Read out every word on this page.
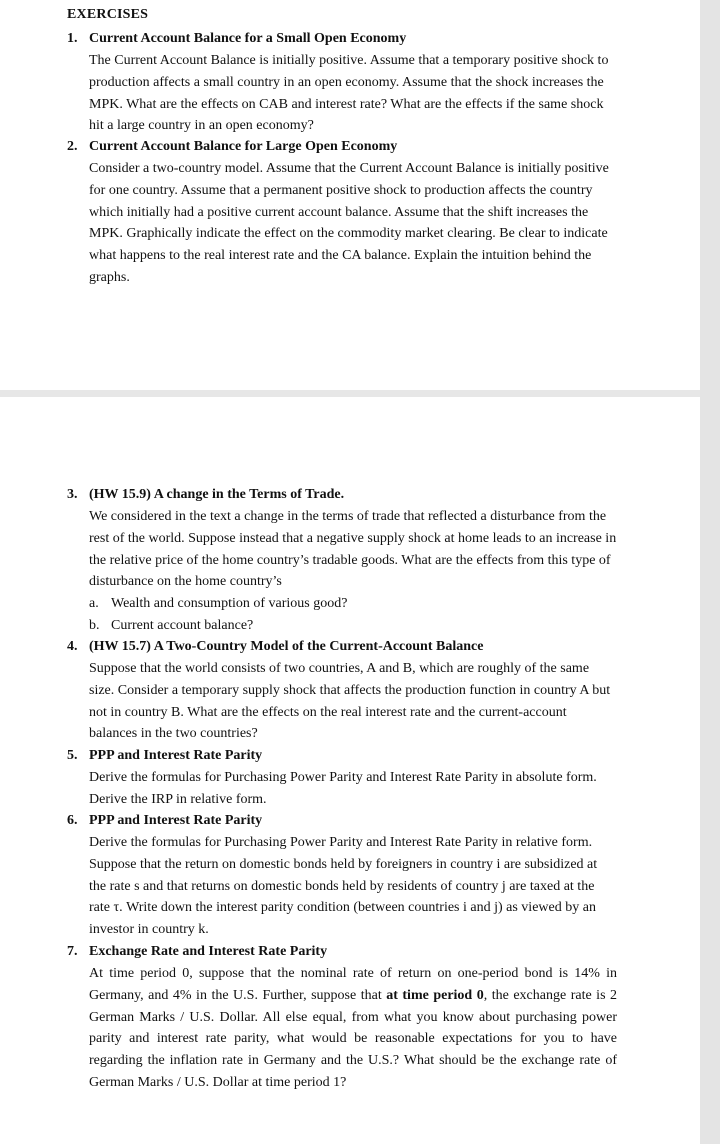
EXERCISES
1. Current Account Balance for a Small Open Economy

The Current Account Balance is initially positive. Assume that a temporary positive shock to production affects a small country in an open economy. Assume that the shock increases the MPK. What are the effects on CAB and interest rate? What are the effects if the same shock hit a large country in an open economy?

2. Current Account Balance for Large Open Economy

Consider a two-country model. Assume that the Current Account Balance is initially positive for one country. Assume that a permanent positive shock to production affects the country which initially had a positive current account balance. Assume that the shift increases the MPK. Graphically indicate the effect on the commodity market clearing. Be clear to indicate what happens to the real interest rate and the CA balance. Explain the intuition behind the graphs.

3. (HW 15.9) A change in the Terms of Trade.

We considered in the text a change in the terms of trade that reflected a disturbance from the rest of the world. Suppose instead that a negative supply shock at home leads to an increase in the relative price of the home country’s tradable goods. What are the effects from this type of disturbance on the home country’s

a. Wealth and consumption of various good?
b. Current account balance?
4. (HW 15.7) A Two-Country Model of the Current-Account Balance

Suppose that the world consists of two countries, A and B, which are roughly of the same size. Consider a temporary supply shock that affects the production function in country A but not in country B. What are the effects on the real interest rate and the current-account balances in the two countries?

5. PPP and Interest Rate Parity

Derive the formulas for Purchasing Power Parity and Interest Rate Parity in absolute form. Derive the IRP in relative form.

6. PPP and Interest Rate Parity

Derive the formulas for Purchasing Power Parity and Interest Rate Parity in relative form. Suppose that the return on domestic bonds held by foreigners in country i are subsidized at the rate s and that returns on domestic bonds held by residents of country j are taxed at the rate τ. Write down the interest parity condition (between countries i and j) as viewed by an investor in country k.

7. Exchange Rate and Interest Rate Parity

At time period 0, suppose that the nominal rate of return on one-period bond is 14% in Germany, and 4% in the U.S. Further, suppose that at time period 0, the exchange rate is 2 German Marks / U.S. Dollar. All else equal, from what you know about purchasing power parity and interest rate parity, what would be reasonable expectations for you to have regarding the inflation rate in Germany and the U.S.? What should be the exchange rate of German Marks / U.S. Dollar at time period 1?
